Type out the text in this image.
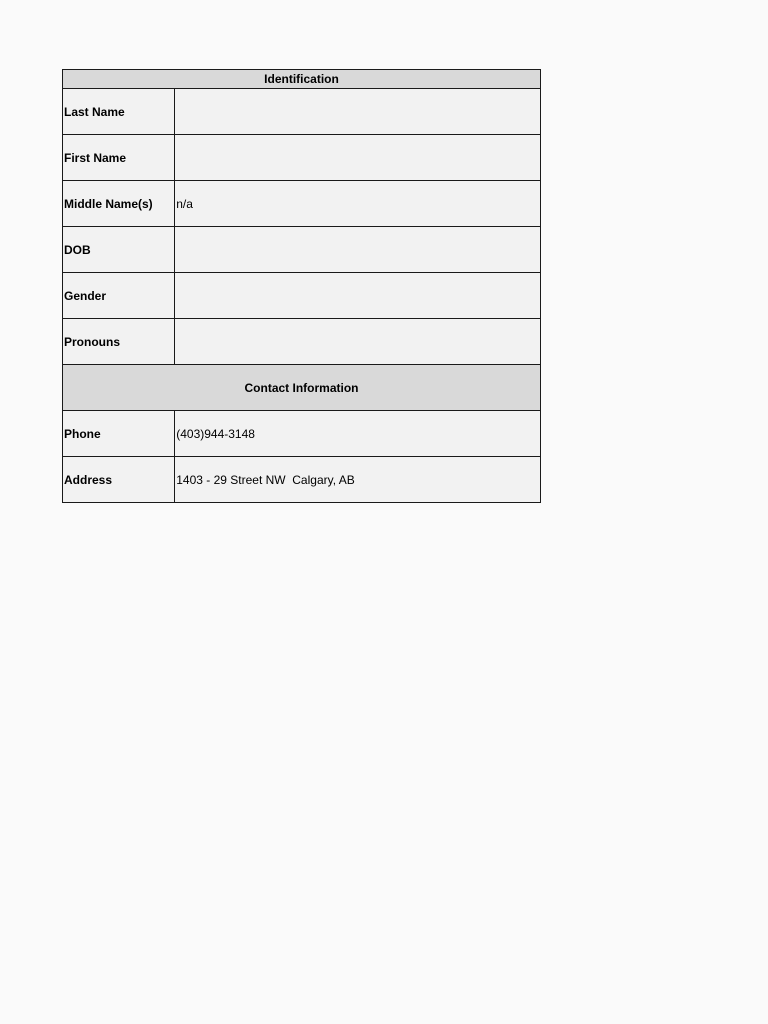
Identification	
Last Name	
First Name	
Middle Name(s)	n/a
DOB	
Gender	
Pronouns	
Contact Information	
Phone	(403)944-3148
Address	1403 - 29 Street NW  Calgary, AB
